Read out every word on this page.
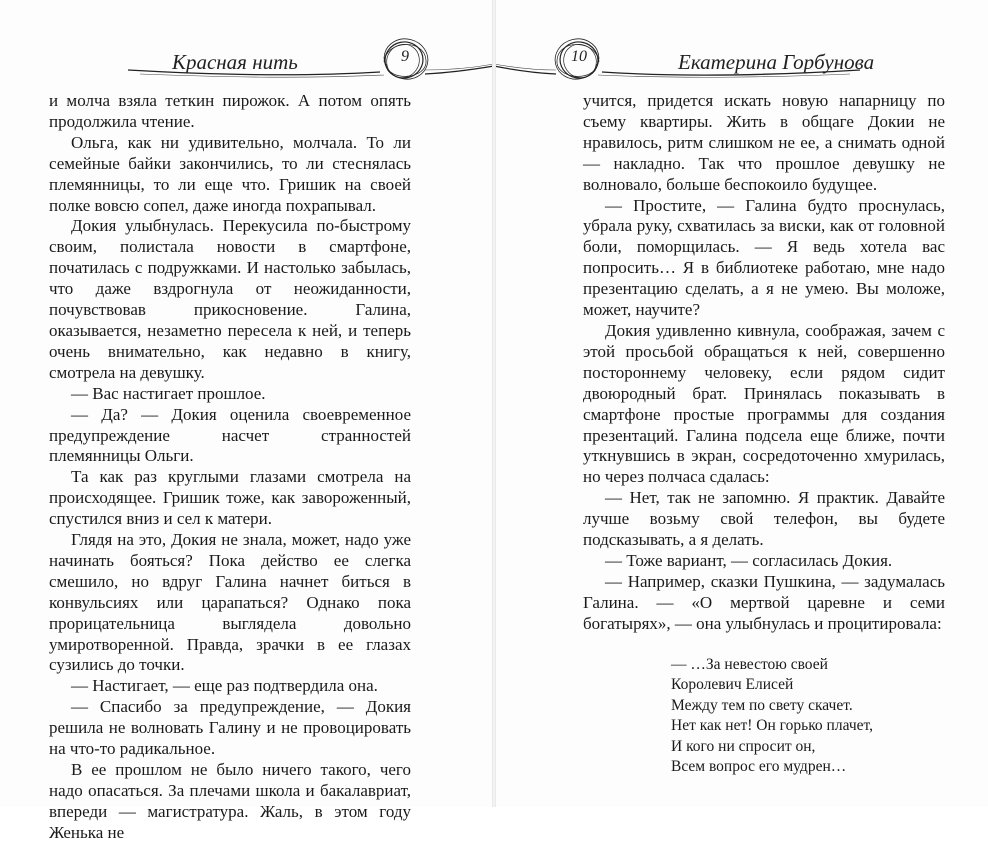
Красная нить	9

и молча взяла теткин пирожок. А потом опять продолжила чтение.

Ольга, как ни удивительно, молчала. То ли семейные байки закончились, то ли стеснялась племянницы, то ли еще что. Гришик на своей полке вовсю сопел, даже иногда похрапывал.

Докия улыбнулась. Перекусила по-быстрому своим, полистала новости в смартфоне, початилась с подружками. И настолько забылась, что даже вздрогнула от неожиданности, почувствовав прикосновение. Галина, оказывается, незаметно пересела к ней, и теперь очень внимательно, как недавно в книгу, смотрела на девушку.

— Вас настигает прошлое.

— Да? — Докия оценила своевременное предупреждение насчет странностей племянницы Ольги.

Та как раз круглыми глазами смотрела на происходящее. Гришик тоже, как завороженный, спустился вниз и сел к матери.

Глядя на это, Докия не знала, может, надо уже начинать бояться? Пока действо ее слегка смешило, но вдруг Галина начнет биться в конвульсиях или царапаться? Однако пока прорицательница выглядела довольно умиротворенной. Правда, зрачки в ее глазах сузились до точки.

— Настигает, — еще раз подтвердила она.

— Спасибо за предупреждение, — Докия решила не волновать Галину и не провоцировать на что-то радикальное.

В ее прошлом не было ничего такого, чего надо опасаться. За плечами школа и бакалавриат, впереди — магистратура. Жаль, в этом году Женька не

10	Екатерина Горбунова

учится, придется искать новую напарницу по съему квартиры. Жить в общаге Докии не нравилось, ритм слишком не ее, а снимать одной — накладно. Так что прошлое девушку не волновало, больше беспокоило будущее.

— Простите, — Галина будто проснулась, убрала руку, схватилась за виски, как от головной боли, поморщилась. — Я ведь хотела вас попросить… Я в библиотеке работаю, мне надо презентацию сделать, а я не умею. Вы моложе, может, научите?

Докия удивленно кивнула, соображая, зачем с этой просьбой обращаться к ней, совершенно постороннему человеку, если рядом сидит двоюродный брат. Принялась показывать в смартфоне простые программы для создания презентаций. Галина подсела еще ближе, почти уткнувшись в экран, сосредоточенно хмурилась, но через полчаса сдалась:

— Нет, так не запомню. Я практик. Давайте лучше возьму свой телефон, вы будете подсказывать, а я делать.

— Тоже вариант, — согласилась Докия.

— Например, сказки Пушкина, — задумалась Галина. — «О мертвой царевне и семи богатырях», — она улыбнулась и процитировала:

— …За невестою своей
Королевич Елисей
Между тем по свету скачет.
Нет как нет! Он горько плачет,
И кого ни спросит он,
Всем вопрос его мудрен…
